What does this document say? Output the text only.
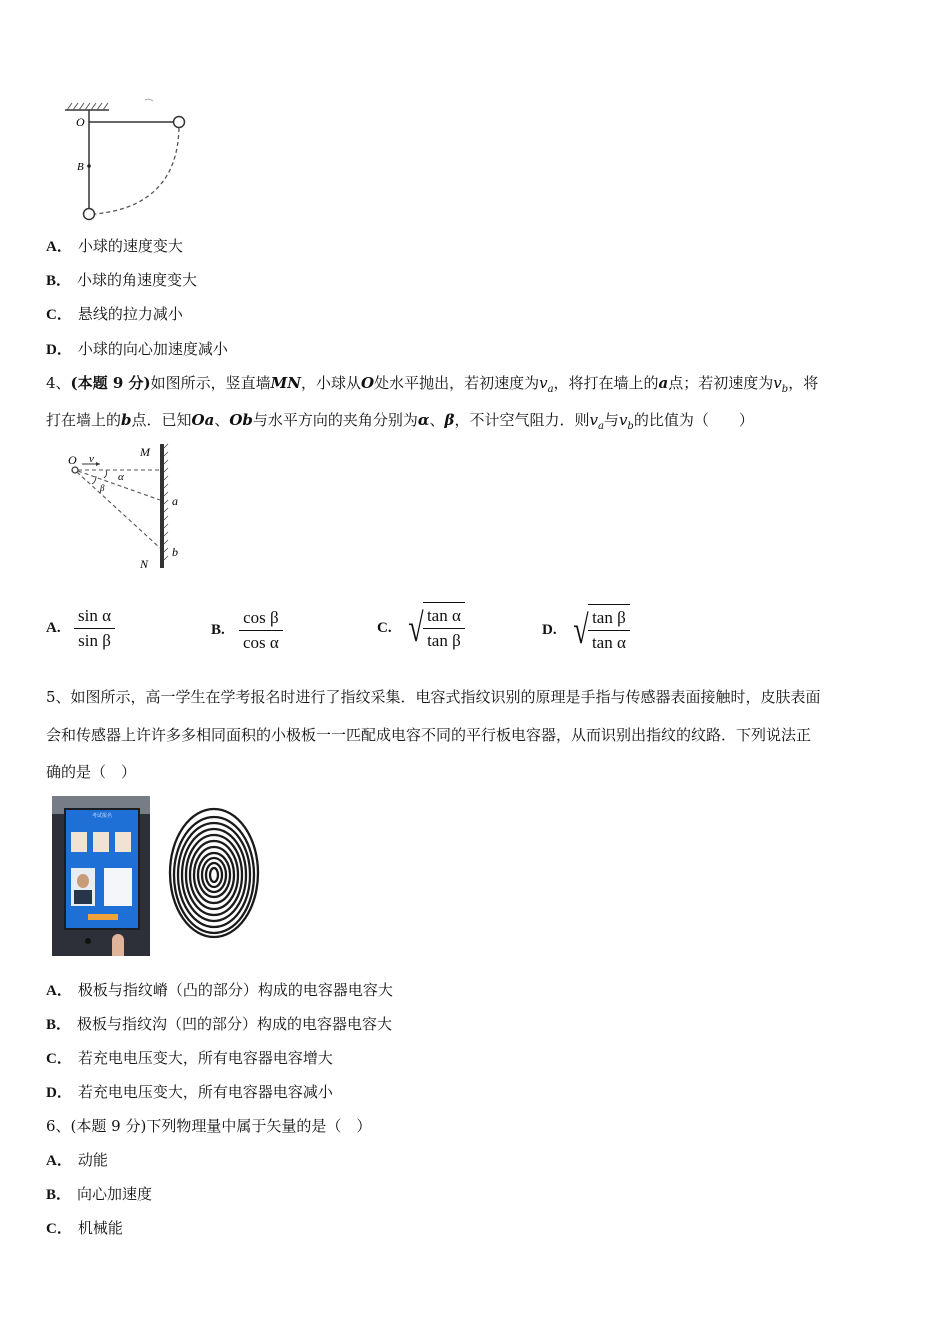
O
B
A． 小球的速度变大
B． 小球的角速度变大
C． 悬线的拉力减小
D． 小球的向心加速度减小
4、(本题 9 分)如图所示，竖直墙MN，小球从O处水平抛出，若初速度为$v_a$，将打在墙上的a点；若初速度为$v_b$，将
打在墙上的b点．已知Oa、Ob与水平方向的夹角分别为α、β，不计空气阻力．则$v_a$与$v_b$的比值为（　　）
O v	M
α
β
a
b
N
A. $\frac{\text{sin α}}{\text{sin β}}$	B. $\frac{\text{cos β}}{\text{cos α}}$	C. √ $\frac{\text{tan α}}{\text{tan β}}$	D. √ $\frac{\text{tan β}}{\text{tan α}}$
5、如图所示，高一学生在学考报名时进行了指纹采集．电容式指纹识别的原理是手指与传感器表面接触时，皮肤表面
会和传感器上许许多多相同面积的小极板一一匹配成电容不同的平行板电容器，从而识别出指纹的纹路．下列说法正
确的是（　）
考试报名
A． 极板与指纹嵴（凸的部分）构成的电容器电容大
B． 极板与指纹沟（凹的部分）构成的电容器电容大
C． 若充电电压变大，所有电容器电容增大
D． 若充电电压变大，所有电容器电容减小
6、(本题 9 分)下列物理量中属于矢量的是（　）
A． 动能
B． 向心加速度
C． 机械能
